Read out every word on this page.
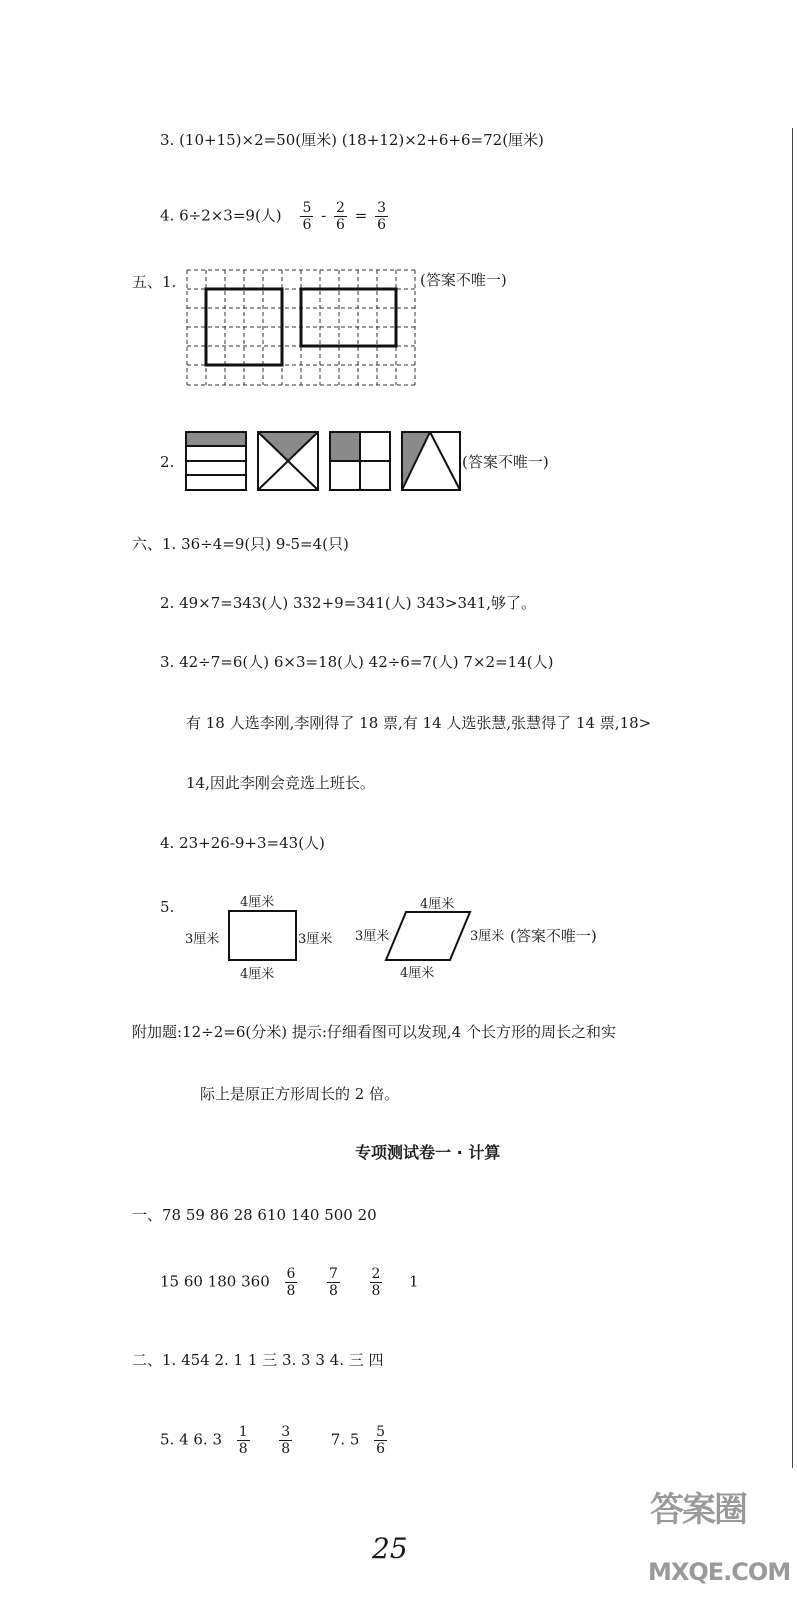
3. (10+15)×2=50(厘米) (18+12)×2+6+6=72(厘米)
4. 6÷2×3=9(人) $\frac{5}{6} - \frac{2}{6} = \frac{3}{6}$
五、1.	(答案不唯一)
2.	(答案不唯一)
六、1. 36÷4=9(只) 9-5=4(只)
2. 49×7=343(人) 332+9=341(人) 343>341,够了。
3. 42÷7=6(人) 6×3=18(人) 42÷6=7(人) 7×2=14(人)
有 18 人选李刚,李刚得了 18 票,有 14 人选张慧,张慧得了 14 票,18>
14,因此李刚会竞选上班长。
4. 23+26-9+3=43(人)
5.	4厘米
3厘米	3厘米
4厘米
4厘米
3厘米	3厘米
4厘米
(答案不唯一)
附加题:12÷2=6(分米) 提示:仔细看图可以发现,4 个长方形的周长之和实
际上是原正方形周长的 2 倍。
专项测试卷一 · 计算
一、78 59 86 28 610 140 500 20
15 60 180 $360 \frac{6}{8}$
$\frac{7}{8}$
$\frac{2}{8} 1$
二、1. 454 2. 1 1 三 3. 3 3 4. 三 四
5. 4 6. $3 \frac{1}{8}$
$\frac{3}{8}$	7. $5 \frac{5}{6}$
25
答案圈
MXQE.COM
